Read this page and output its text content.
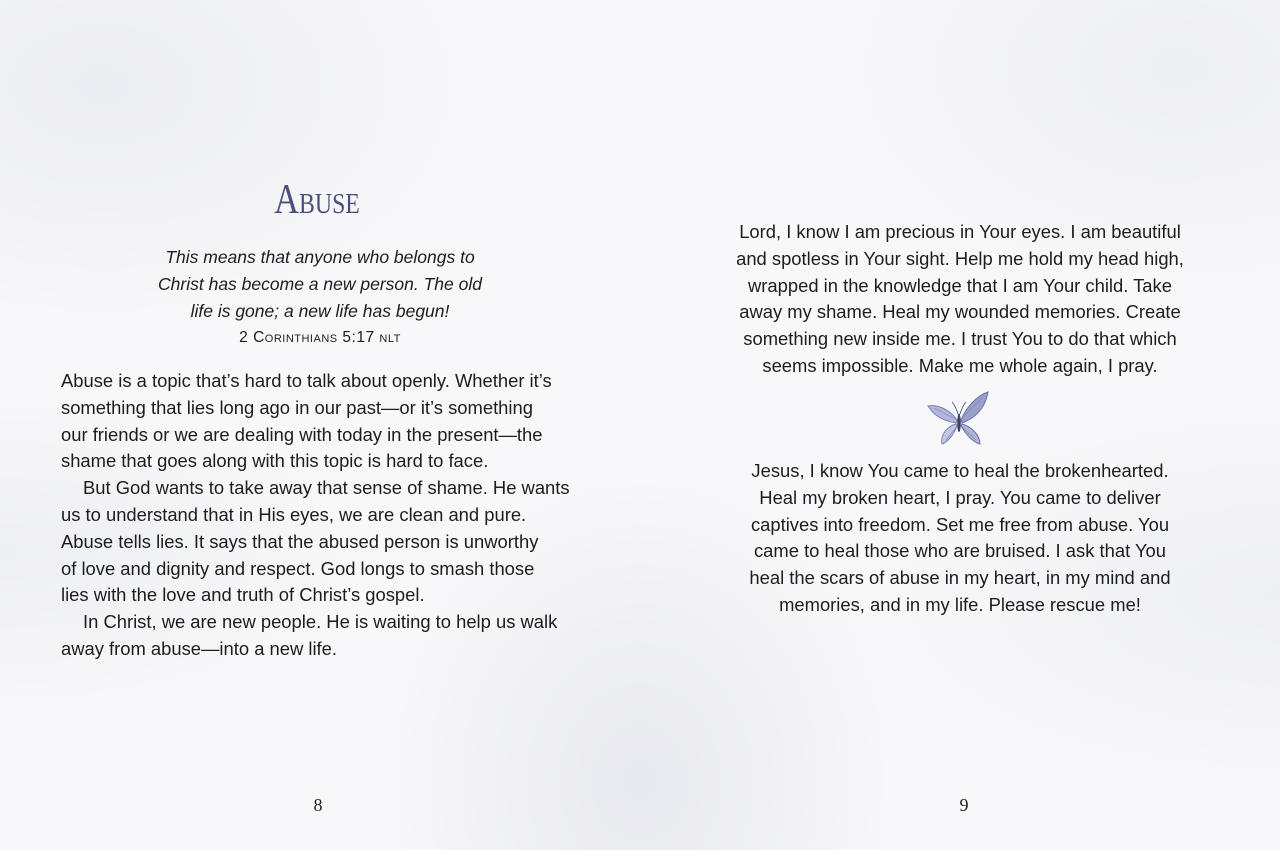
Abuse
This means that anyone who belongs to
Christ has become a new person. The old
life is gone; a new life has begun!
2 Corinthians 5:17 nlt
Abuse is a topic that’s hard to talk about openly. Whether it’s
something that lies long ago in our past—or it’s something
our friends or we are dealing with today in the present—the
shame that goes along with this topic is hard to face.
But God wants to take away that sense of shame. He wants
us to understand that in His eyes, we are clean and pure.
Abuse tells lies. It says that the abused person is unworthy
of love and dignity and respect. God longs to smash those
lies with the love and truth of Christ’s gospel.
In Christ, we are new people. He is waiting to help us walk
away from abuse—into a new life.
8
Lord, I know I am precious in Your eyes. I am beautiful
and spotless in Your sight. Help me hold my head high,
wrapped in the knowledge that I am Your child. Take
away my shame. Heal my wounded memories. Create
something new inside me. I trust You to do that which
seems impossible. Make me whole again, I pray.
Jesus, I know You came to heal the brokenhearted.
Heal my broken heart, I pray. You came to deliver
captives into freedom. Set me free from abuse. You
came to heal those who are bruised. I ask that You
heal the scars of abuse in my heart, in my mind and
memories, and in my life. Please rescue me!
9
